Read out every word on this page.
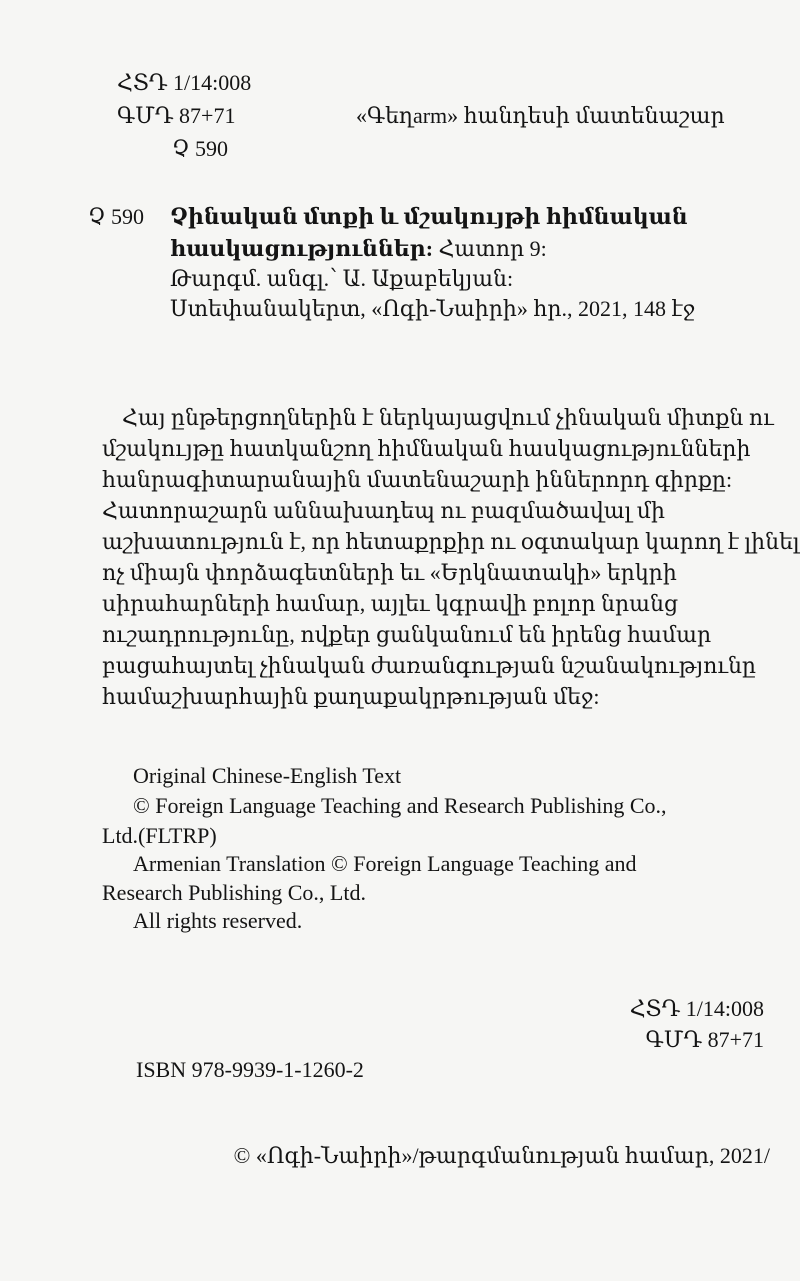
ՀՏԴ 1/14:008
ԳՄԴ 87+71
Չ 590
«Գեղarm» հանդեսի մատենաշար
Չ 590 Չինական մտքի և մշակույթի հիմնական
հասկացություններ: Հատոր 9:
Թարգմ. անգլ.՝ Ա. Աքաբեկյան:
Ստեփանակերտ, «Ոգի-Նաիրի» հր., 2021, 148 էջ
Հայ ընթերցողներին է ներկայացվում չինական միտքն ու
մշակույթը հատկանշող հիմնական հասկացությունների
հանրագիտարանային մատենաշարի իններորդ գիրքը:
Հատորաշարն աննախադեպ ու բազմածավալ մի
աշխատություն է, որ հետաքրքիր ու օգտակար կարող է լինել
ոչ միայն փորձագետների եւ «Երկնատակի» երկրի
սիրահարների համար, այլեւ կգրավի բոլոր նրանց
ուշադրությունը, ովքեր ցանկանում են իրենց համար
բացահայտել չինական ժառանգության նշանակությունը
համաշխարհային քաղաքակրթության մեջ:
Original Chinese-English Text
© Foreign Language Teaching and Research Publishing Co.,
Ltd.(FLTRP)
Armenian Translation © Foreign Language Teaching and
Research Publishing Co., Ltd.
All rights reserved.
ՀՏԴ 1/14:008
ԳՄԴ 87+71
ISBN 978-9939-1-1260-2
© «Ոգի-Նաիրի»/թարգմանության համար, 2021/
